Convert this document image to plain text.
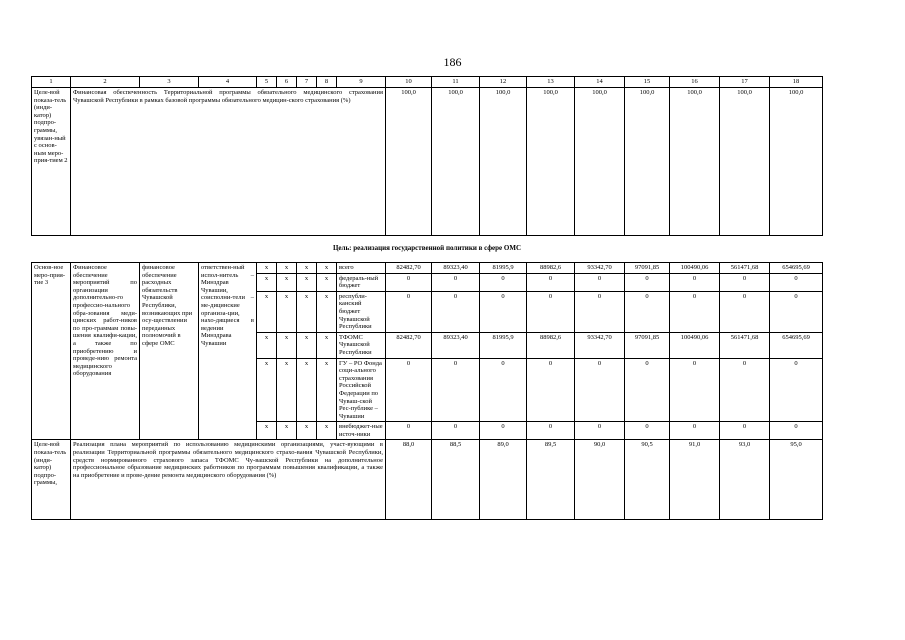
186
1	2	3	4	5	6	7	8	9	10	11	12	13	14	15	16	17	18
Целе-вой показа-тель (инди-катор) подпро-граммы, увязан-ный с основ-ным меро-прия-тием 2	Финансовая обеспеченность Территориальной программы обязательного медицинского страхования Чувашской Республики в рамках базовой программы обязательного медицин-ского страхования (%)								100,0	100,0	100,0	100,0	100,0	100,0	100,0	100,0	100,0
Цель: реализация государственной политики в сфере ОМС																	
Основ-ное меро-прия-тие 3	Финансовое обеспечение мероприятий по организации дополнительно-го профессио-нального обра-зования меди-цинских работ-ников по про-граммам повы-шения квалифи-кации, а также по приобретению и проведе-нию ремонта медицинского оборудования	финансовое обеспечение расходных обязательств Чувашской Республики, возникающих при осу-ществлении переданных полномочий в сфере ОМС	ответствен-ный испол-нитель – Минздрав Чувашии, соисполни-тели – ме-дицинские организа-ции, нахо-дящиеся в ведении Минздрава Чувашии	x	x	x	x	всего	82482,70	89323,40	81995,9	88982,6	93342,70	97091,85	100490,06	561471,68	654695,69
				x	x	x	x	федераль-ный бюджет	0	0	0	0	0	0	0	0	0
				x	x	x	x	республи-канский бюджет Чувашской Республики	0	0	0	0	0	0	0	0	0
				x	x	x	x	ТФОМС Чувашской Республики	82482,70	89323,40	81995,9	88982,6	93342,70	97091,85	100490,06	561471,68	654695,69
				x	x	x	x	ГУ – РО Фонда соци-ального страхования Российской Федерации по Чуваш-ской Рес-публике – Чувашии	0	0	0	0	0	0	0	0	0
				x	x	x	x	внебюджет-ные источ-ники	0	0	0	0	0	0	0	0	0
Целе-вой показа-тель (инди-катор) подпро-граммы,	Реализация плана мероприятий по использованию медицинскими организациями, участ-вующими в реализации Территориальной программы обязательного медицинского страхо-вания Чувашской Республики, средств нормированного страхового запаса ТФОМС Чу-вашской Республики на дополнительное профессиональное образование медицинских работников по программам повышения квалификации, а также на приобретение и прове-дение ремонта медицинского оборудования (%)								88,0	88,5	89,0	89,5	90,0	90,5	91,0	93,0	95,0
